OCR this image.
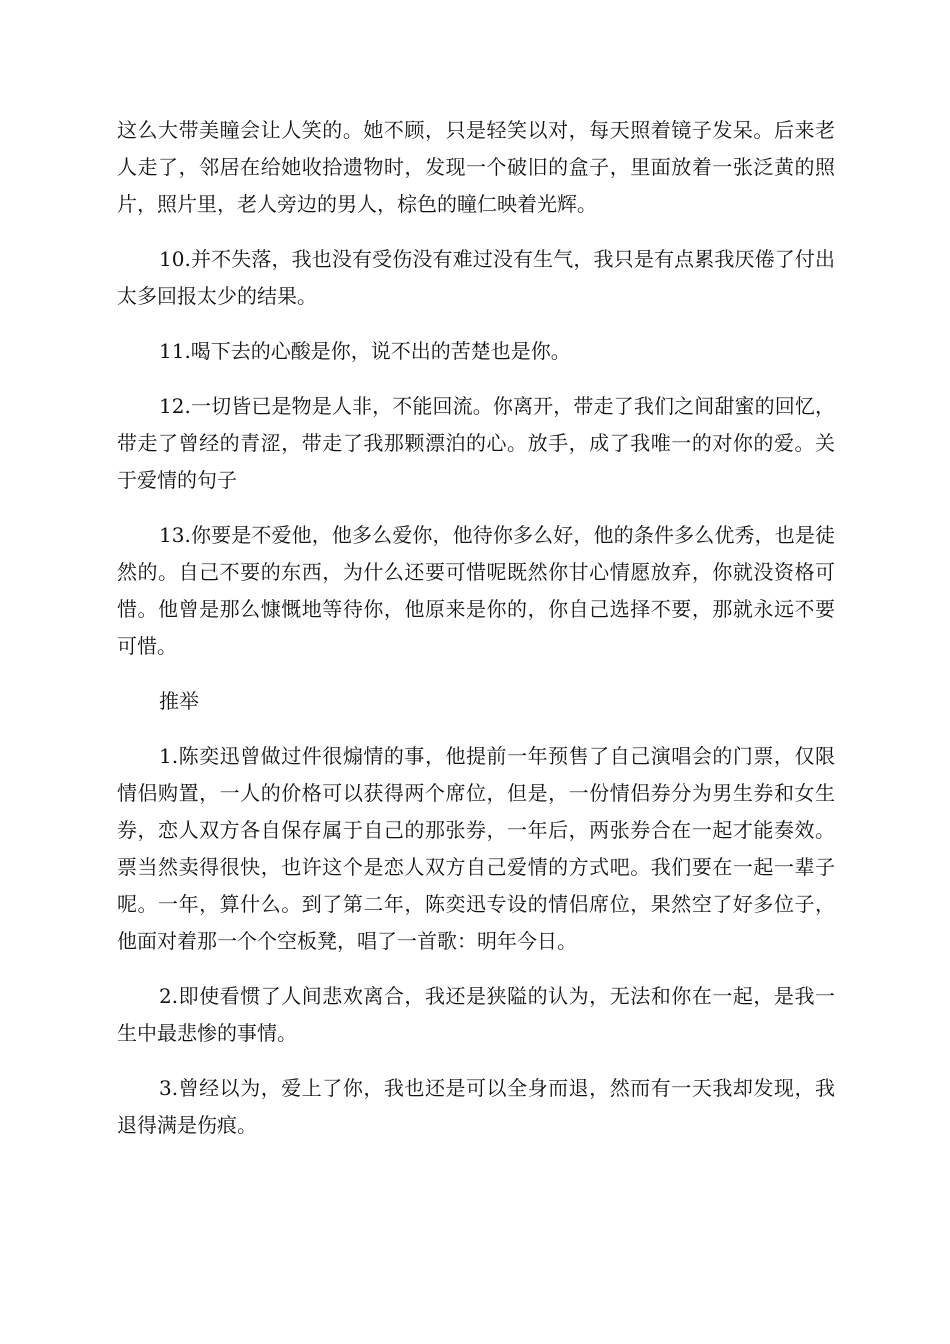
这么大带美瞳会让人笑的。她不顾，只是轻笑以对，每天照着镜子发呆。后来老人走了，邻居在给她收拾遗物时，发现一个破旧的盒子，里面放着一张泛黄的照片，照片里，老人旁边的男人，棕色的瞳仁映着光辉。

10.并不失落，我也没有受伤没有难过没有生气，我只是有点累我厌倦了付出太多回报太少的结果。

11.喝下去的心酸是你，说不出的苦楚也是你。

12.一切皆已是物是人非，不能回流。你离开，带走了我们之间甜蜜的回忆，带走了曾经的青涩，带走了我那颗漂泊的心。放手，成了我唯一的对你的爱。关于爱情的句子

13.你要是不爱他，他多么爱你，他待你多么好，他的条件多么优秀，也是徒然的。自己不要的东西，为什么还要可惜呢既然你甘心情愿放弃，你就没资格可惜。他曾是那么慷慨地等待你，他原来是你的，你自己选择不要，那就永远不要可惜。

推举

1.陈奕迅曾做过件很煽情的事，他提前一年预售了自己演唱会的门票，仅限情侣购置，一人的价格可以获得两个席位，但是，一份情侣券分为男生券和女生券，恋人双方各自保存属于自己的那张券，一年后，两张券合在一起才能奏效。票当然卖得很快，也许这个是恋人双方自己爱情的方式吧。我们要在一起一辈子呢。一年，算什么。到了第二年，陈奕迅专设的情侣席位，果然空了好多位子，他面对着那一个个空板凳，唱了一首歌：明年今日。

2.即使看惯了人间悲欢离合，我还是狭隘的认为，无法和你在一起，是我一生中最悲惨的事情。

3.曾经以为，爱上了你，我也还是可以全身而退，然而有一天我却发现，我退得满是伤痕。
